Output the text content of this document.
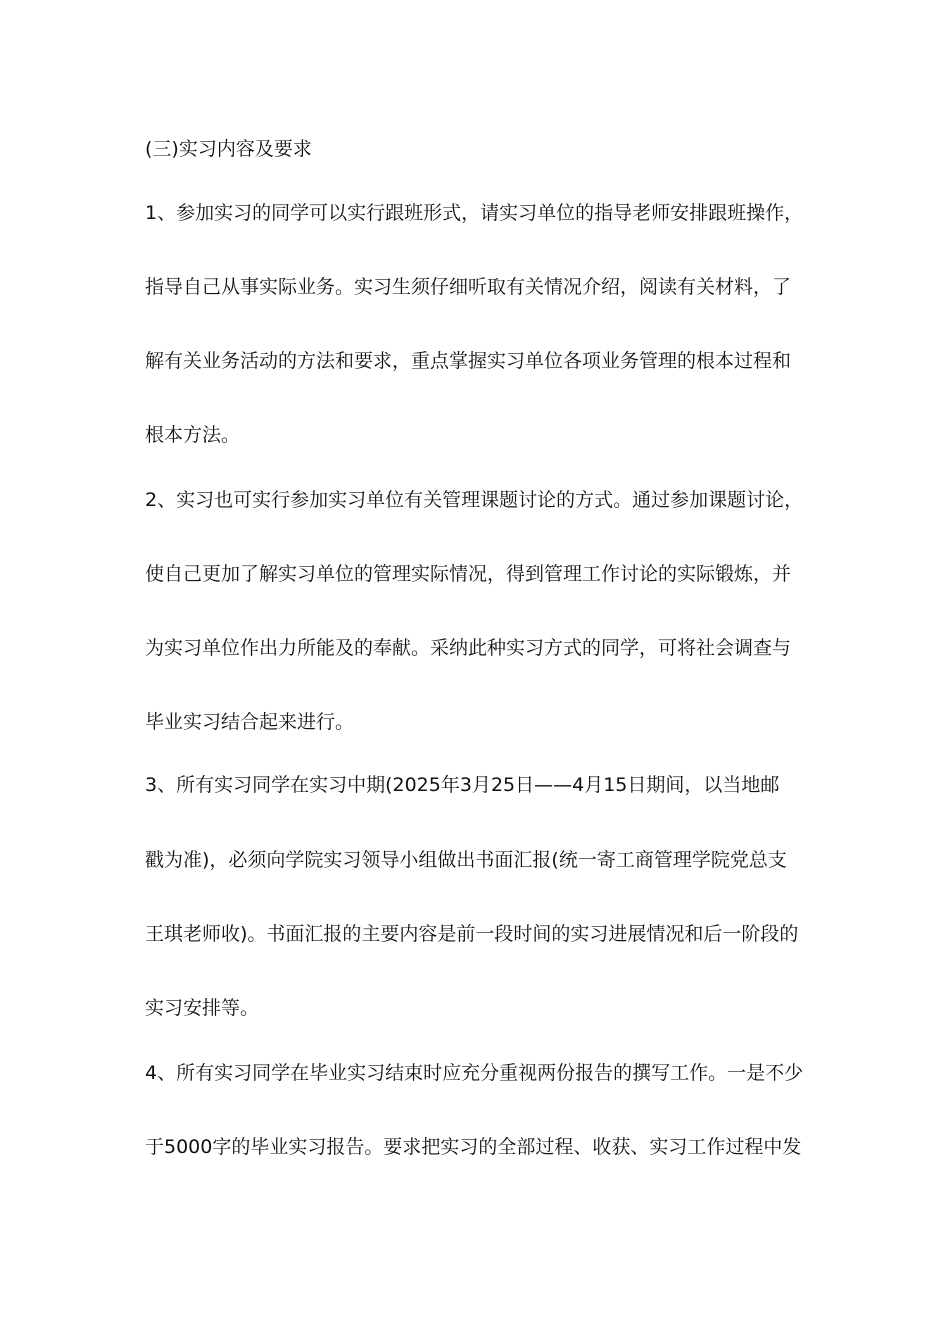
(三)实习内容及要求
1、参加实习的同学可以实行跟班形式，请实习单位的指导老师安排跟班操作，
指导自己从事实际业务。实习生须仔细听取有关情况介绍，阅读有关材料，了
解有关业务活动的方法和要求，重点掌握实习单位各项业务管理的根本过程和
根本方法。
2、实习也可实行参加实习单位有关管理课题讨论的方式。通过参加课题讨论，
使自己更加了解实习单位的管理实际情况，得到管理工作讨论的实际锻炼，并
为实习单位作出力所能及的奉献。采纳此种实习方式的同学，可将社会调查与
毕业实习结合起来进行。
3、所有实习同学在实习中期(2025年3月25日——4月15日期间，以当地邮
戳为准)，必须向学院实习领导小组做出书面汇报(统一寄工商管理学院党总支
王琪老师收)。书面汇报的主要内容是前一段时间的实习进展情况和后一阶段的
实习安排等。
4、所有实习同学在毕业实习结束时应充分重视两份报告的撰写工作。一是不少
于5000字的毕业实习报告。要求把实习的全部过程、收获、实习工作过程中发
